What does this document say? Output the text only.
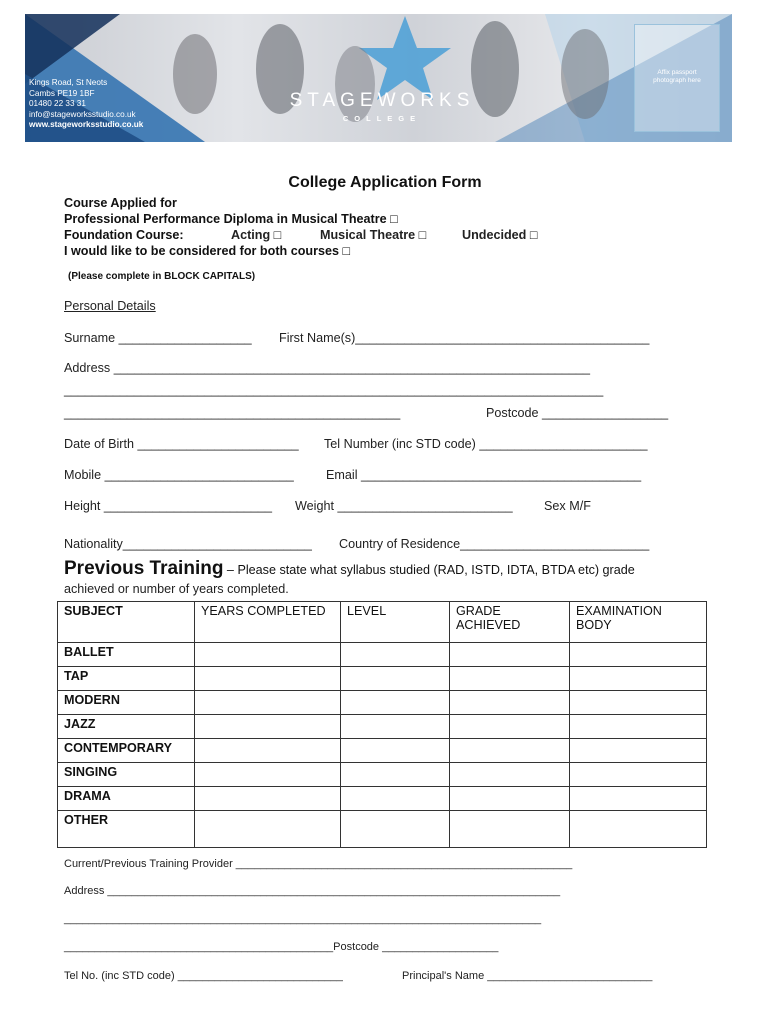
Kings Road, St Neots
Cambs PE19 1BF
01480 22 33 31
info@stageworksstudio.co.uk
www.stageworksstudio.co.uk
STAGEWORKS
COLLEGE
Affix passport photograph here
College Application Form
Course Applied for
Professional Performance Diploma in Musical Theatre □
Foundation Course:	Acting □	Musical Theatre □	Undecided □
I would like to be considered for both courses □
(Please complete in BLOCK CAPITALS)
Personal Details
Surname ___________________ First Name(s)__________________________________________
Address ____________________________________________________________________
_____________________________________________________________________________
________________________________________________	Postcode __________________
Date of Birth _______________________ Tel Number (inc STD code) ________________________
Mobile ___________________________	Email ________________________________________
Height ________________________ Weight _________________________ Sex M/F
Nationality___________________________ Country of Residence___________________________
Previous Training – Please state what syllabus studied (RAD, ISTD, IDTA, BTDA etc) grade
achieved or number of years completed.
SUBJECT	YEARS COMPLETED	LEVEL	GRADE ACHIEVED	EXAMINATION BODY
BALLET				
TAP				
MODERN				
JAZZ				
CONTEMPORARY				
SINGING				
DRAMA				
OTHER				
Current/Previous Training Provider _______________________________________________________
Address __________________________________________________________________________
______________________________________________________________________________
____________________________________________Postcode ___________________
Tel No. (inc STD code) ___________________________	Principal's Name ___________________________
